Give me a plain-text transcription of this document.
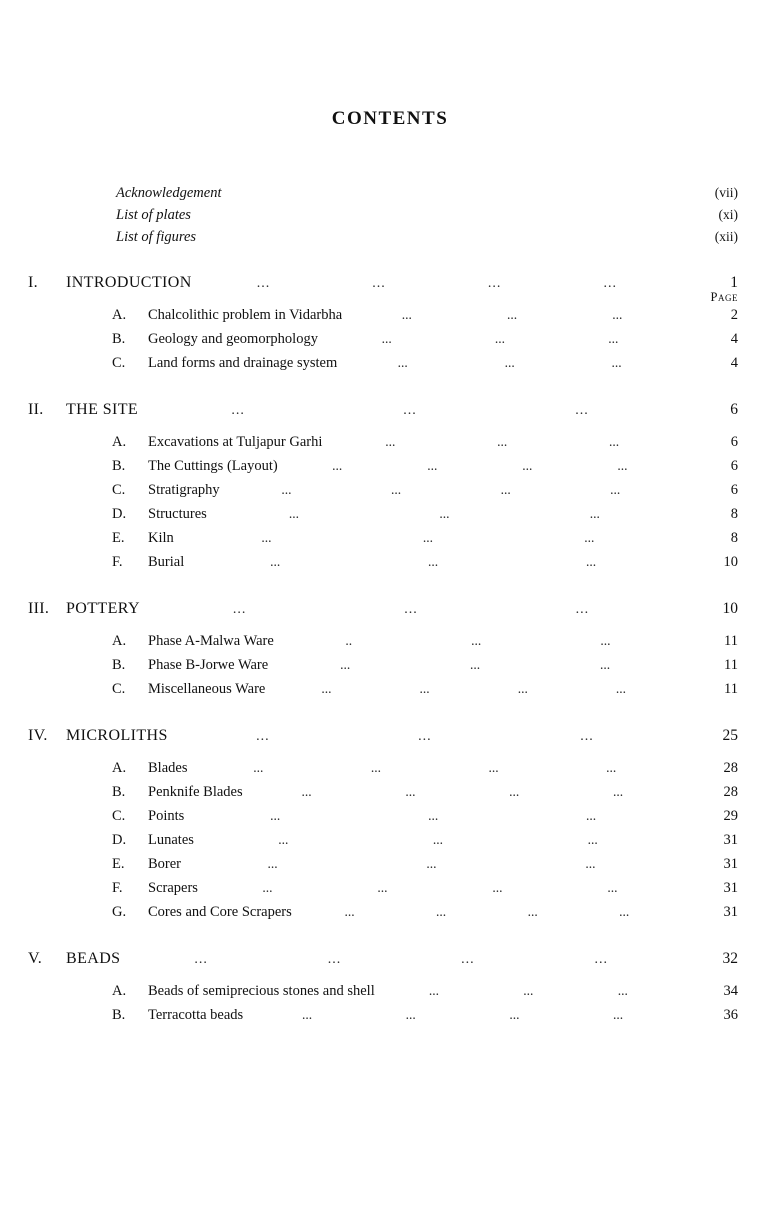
CONTENTS
Page
Acknowledgement	(vii)
List of plates	(xi)
List of figures	(xii)
I.	INTRODUCTION	...	...	...	...	1
A.	Chalcolithic problem in Vidarbha	...	...	...	2
B.	Geology and geomorphology	...	...	...	4
C.	Land forms and drainage system	...	...	...	4
II.	THE SITE	...	...	...	6
A.	Excavations at Tuljapur Garhi	...	...	...	6
B.	The Cuttings (Layout)	...	...	...	...	6
C.	Stratigraphy	...	...	...	...	6
D.	Structures	...	...	...	8
E.	Kiln	...	...	...	8
F.	Burial	...	...	...	10
III.	POTTERY	...	...	...	10
A.	Phase A-Malwa Ware	..	...	...	11
B.	Phase B-Jorwe Ware	...	...	...	11
C.	Miscellaneous Ware	...	...	...	...	11
IV.	MICROLITHS	...	...	...	25
A.	Blades	...	...	...	...	28
B.	Penknife Blades	...	...	...	...	28
C.	Points	...	...	...	29
D.	Lunates	...	...	...	31
E.	Borer	...	...	...	31
F.	Scrapers	...	...	...	...	31
G.	Cores and Core Scrapers	...	...	...	...	31
V.	BEADS	...	...	...	...	32
A.	Beads of semiprecious stones and shell	...	...	...	34
B.	Terracotta beads	...	...	...	...	36
